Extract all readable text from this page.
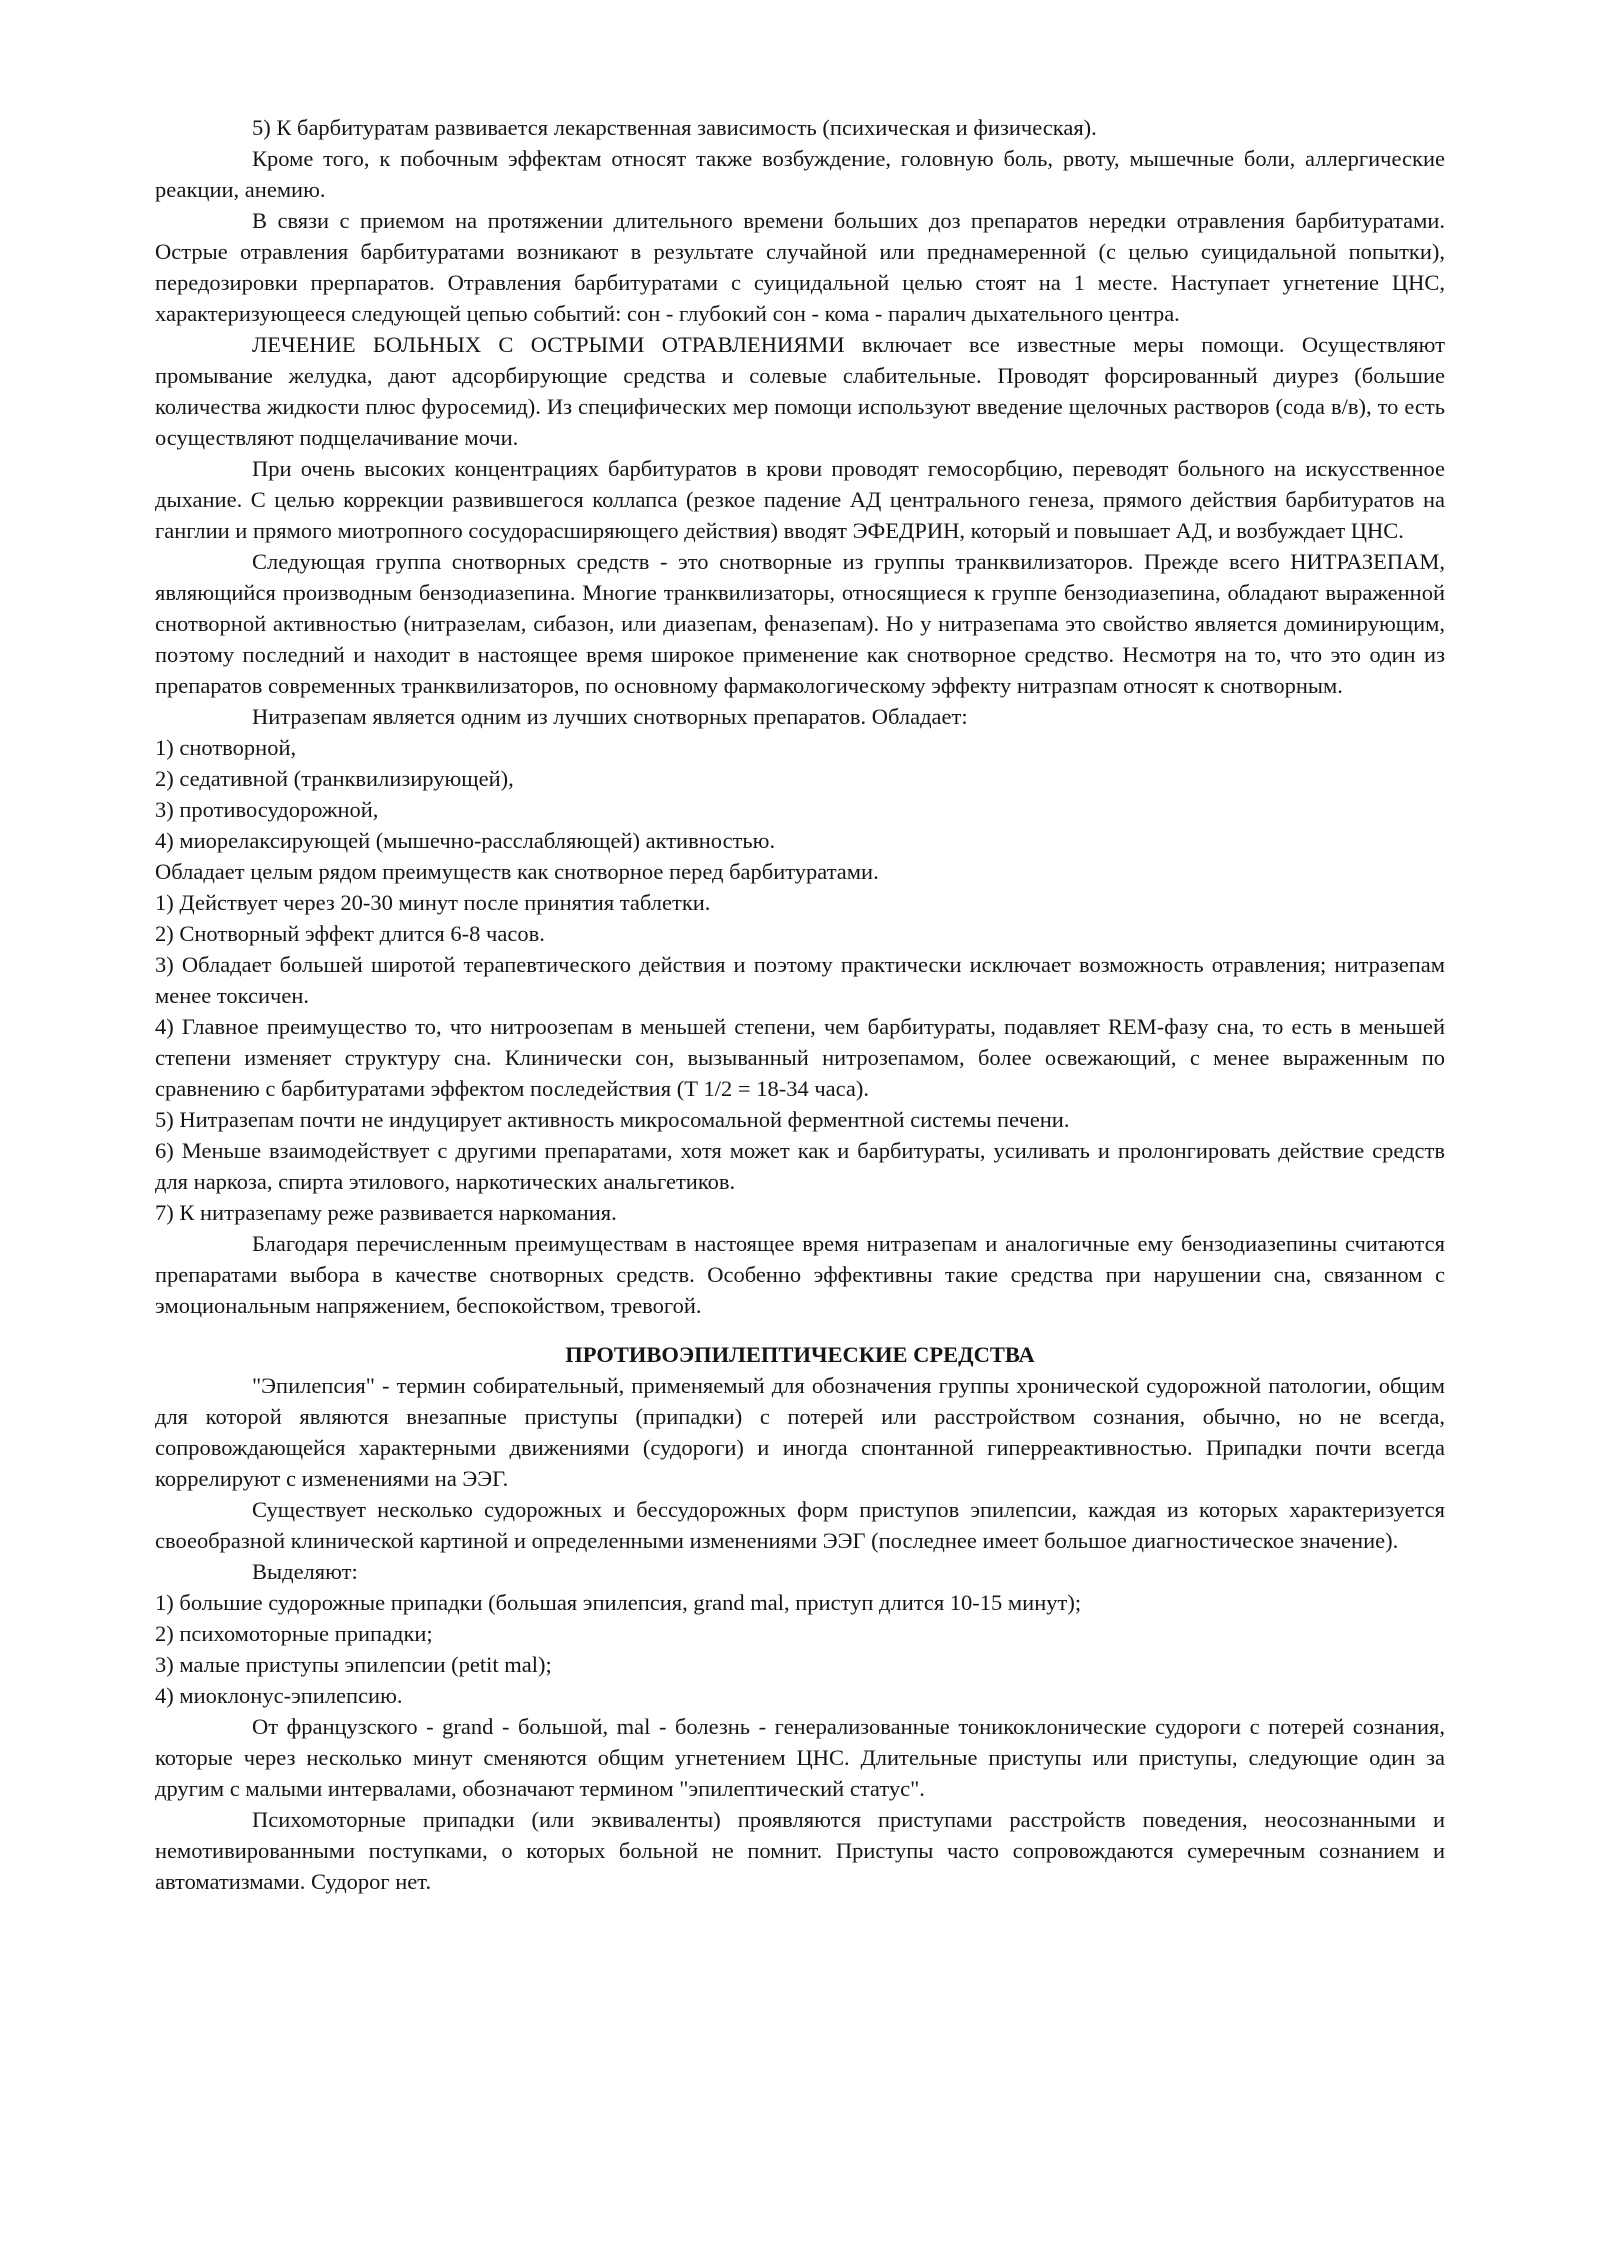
5) К барбитуратам развивается лекарственная зависимость (психическая и физическая).

Кроме того, к побочным эффектам относят также возбуждение, головную боль, рвоту, мышечные боли, аллергические реакции, анемию.

В связи с приемом на протяжении длительного времени больших доз препаратов нередки отравления барбитуратами. Острые отравления барбитуратами возникают в результате случайной или преднамеренной (с целью суицидальной попытки), передозировки прерпаратов. Отравления барбитуратами с суицидальной целью стоят на 1 месте. Наступает угнетение ЦНС, характеризующееся следующей цепью событий: сон - глубокий сон - кома - паралич дыхательного центра.

ЛЕЧЕНИЕ БОЛЬНЫХ С ОСТРЫМИ ОТРАВЛЕНИЯМИ включает все известные меры помощи. Осуществляют промывание желудка, дают адсорбирующие средства и солевые слабительные. Проводят форсированный диурез (большие количества жидкости плюс фуросемид). Из специфических мер помощи используют введение щелочных растворов (сода в/в), то есть осуществляют подщелачивание мочи.

При очень высоких концентрациях барбитуратов в крови проводят гемосорбцию, переводят больного на искусственное дыхание. С целью коррекции развившегося коллапса (резкое падение АД центрального генеза, прямого действия барбитуратов на ганглии и прямого миотропного сосудорасширяющего действия) вводят ЭФЕДРИН, который и повышает АД, и возбуждает ЦНС.

Следующая группа снотворных средств - это снотворные из группы транквилизаторов. Прежде всего НИТРАЗЕПАМ, являющийся производным бензодиазепина. Многие транквилизаторы, относящиеся к группе бензодиазепина, обладают выраженной снотворной активностью (нитразелам, сибазон, или диазепам, феназепам). Но у нитразепама это свойство является доминирующим, поэтому последний и находит в настоящее время широкое применение как снотворное средство. Несмотря на то, что это один из препаратов современных транквилизаторов, по основному фармакологическому эффекту нитразпам относят к снотворным.

Нитразепам является одним из лучших снотворных препаратов. Обладает:

1) снотворной,

2) седативной (транквилизирующей),

3) противосудорожной,

4) миорелаксирующей (мышечно-расслабляющей) активностью.

Обладает целым рядом преимуществ как снотворное перед барбитуратами.

1) Действует через 20-30 минут после принятия таблетки.

2) Снотворный эффект длится 6-8 часов.

3) Обладает большей широтой терапевтического действия и поэтому практически исключает возможность отравления; нитразепам менее токсичен.

4) Главное преимущество то, что нитроозепам в меньшей степени, чем барбитураты, подавляет REM-фазу сна, то есть в меньшей степени изменяет структуру сна. Клинически сон, вызыванный нитрозепамом, более освежающий, с менее выраженным по сравнению с барбитуратами эффектом последействия (Т 1/2 = 18-34 часа).

5) Нитразепам почти не индуцирует активность микросомальной ферментной системы печени.

6) Меньше взаимодействует с другими препаратами, хотя может как и барбитураты, усиливать и пролонгировать действие средств для наркоза, спирта этилового, наркотических анальгетиков.

7) К нитразепаму реже развивается наркомания.

Благодаря перечисленным преимуществам в настоящее время нитразепам и аналогичные ему бензодиазепины считаются препаратами выбора в качестве снотворных средств. Особенно эффективны такие средства при нарушении сна, связанном с эмоциональным напряжением, беспокойством, тревогой.

ПРОТИВОЭПИЛЕПТИЧЕСКИЕ СРЕДСТВА

"Эпилепсия" - термин собирательный, применяемый для обозначения группы хронической судорожной патологии, общим для которой являются внезапные приступы (припадки) с потерей или расстройством сознания, обычно, но не всегда, сопровождающейся характерными движениями (судороги) и иногда спонтанной гиперреактивностью. Припадки почти всегда коррелируют с изменениями на ЭЭГ.

Существует несколько судорожных и бессудорожных форм приступов эпилепсии, каждая из которых характеризуется своеобразной клинической картиной и определенными изменениями ЭЭГ (последнее имеет большое диагностическое значение).

Выделяют:

1) большие судорожные припадки (большая эпилепсия, grand mal, приступ длится 10-15 минут);

2) психомоторные припадки;

3) малые приступы эпилепсии (petit mal);

4) миоклонус-эпилепсию.

От французского - grand - большой, mal - болезнь - генерализованные тоникоклонические судороги с потерей сознания, которые через несколько минут сменяются общим угнетением ЦНС. Длительные приступы или приступы, следующие один за другим с малыми интервалами, обозначают термином "эпилептический статус".

Психомоторные припадки (или эквиваленты) проявляются приступами расстройств поведения, неосознанными и немотивированными поступками, о которых больной не помнит. Приступы часто сопровождаются сумеречным сознанием и автоматизмами. Судорог нет.
